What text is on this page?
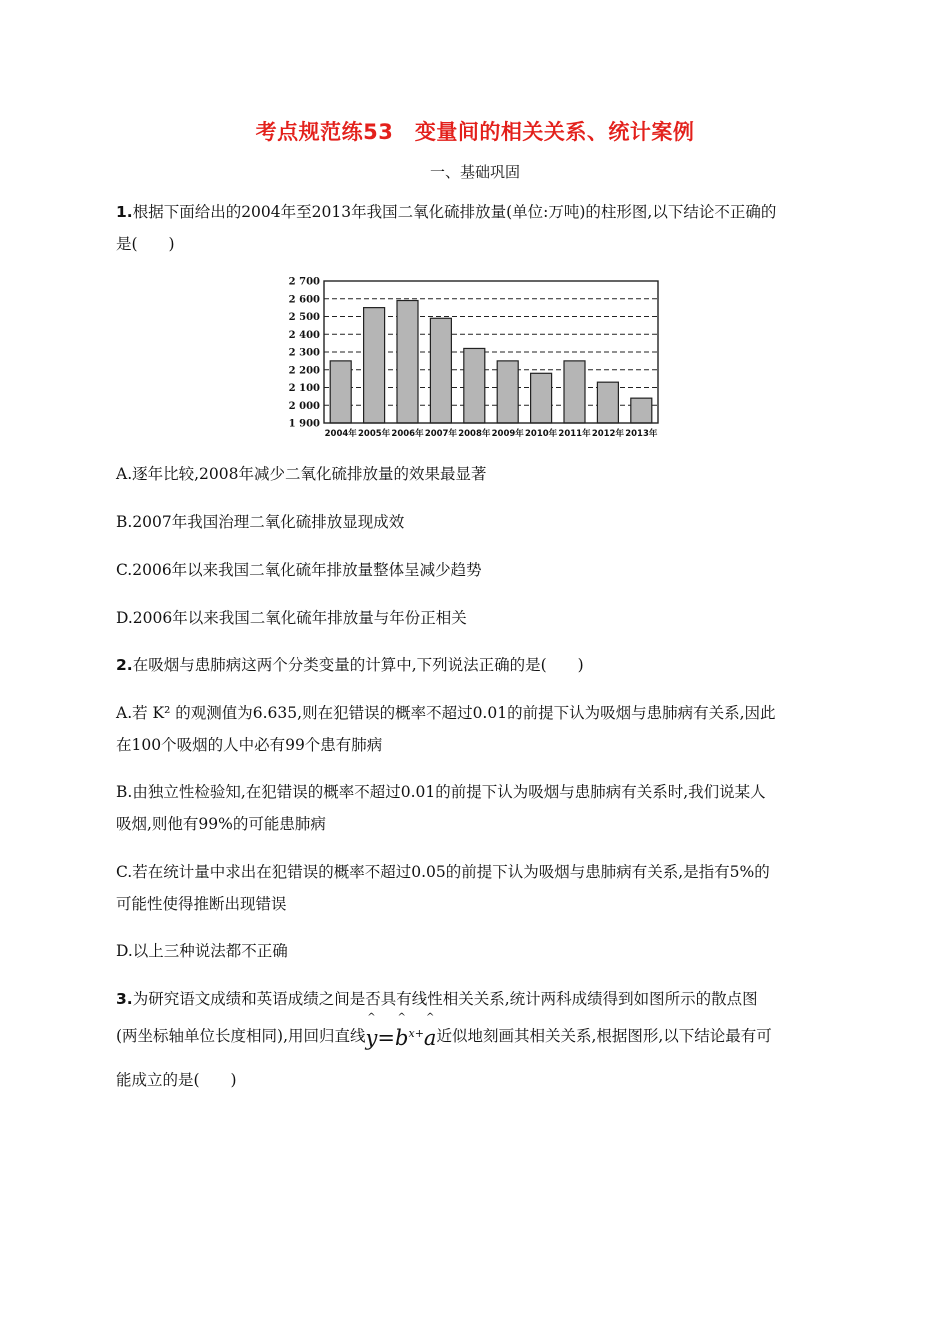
考点规范练53　变量间的相关关系、统计案例
一、基础巩固
1.根据下面给出的2004年至2013年我国二氧化硫排放量(单位:万吨)的柱形图,以下结论不正确的
是(　　)
1 900
2 000
2 100
2 200
2 300
2 400
2 500
2 600
2 700
2004年 2005年 2006年 2007年 2008年 2009年 2010年 2011年 2012年 2013年
A.逐年比较,2008年减少二氧化硫排放量的效果最显著
B.2007年我国治理二氧化硫排放显现成效
C.2006年以来我国二氧化硫年排放量整体呈减少趋势
D.2006年以来我国二氧化硫年排放量与年份正相关
2.在吸烟与患肺病这两个分类变量的计算中,下列说法正确的是(　　)
A.若 K² 的观测值为6.635,则在犯错误的概率不超过0.01的前提下认为吸烟与患肺病有关系,因此
在100个吸烟的人中必有99个患有肺病
B.由独立性检验知,在犯错误的概率不超过0.01的前提下认为吸烟与患肺病有关系时,我们说某人
吸烟,则他有99%的可能患肺病
C.若在统计量中求出在犯错误的概率不超过0.05的前提下认为吸烟与患肺病有关系,是指有5%的
可能性使得推断出现错误
D.以上三种说法都不正确
3.为研究语文成绩和英语成绩之间是否具有线性相关关系,统计两科成绩得到如图所示的散点图
(两坐标轴单位长度相同),用回归直线
^
y=
^
$b^{x+}$
^
a近似地刻画其相关关系,根据图形,以下结论最有可
能成立的是(　　)
